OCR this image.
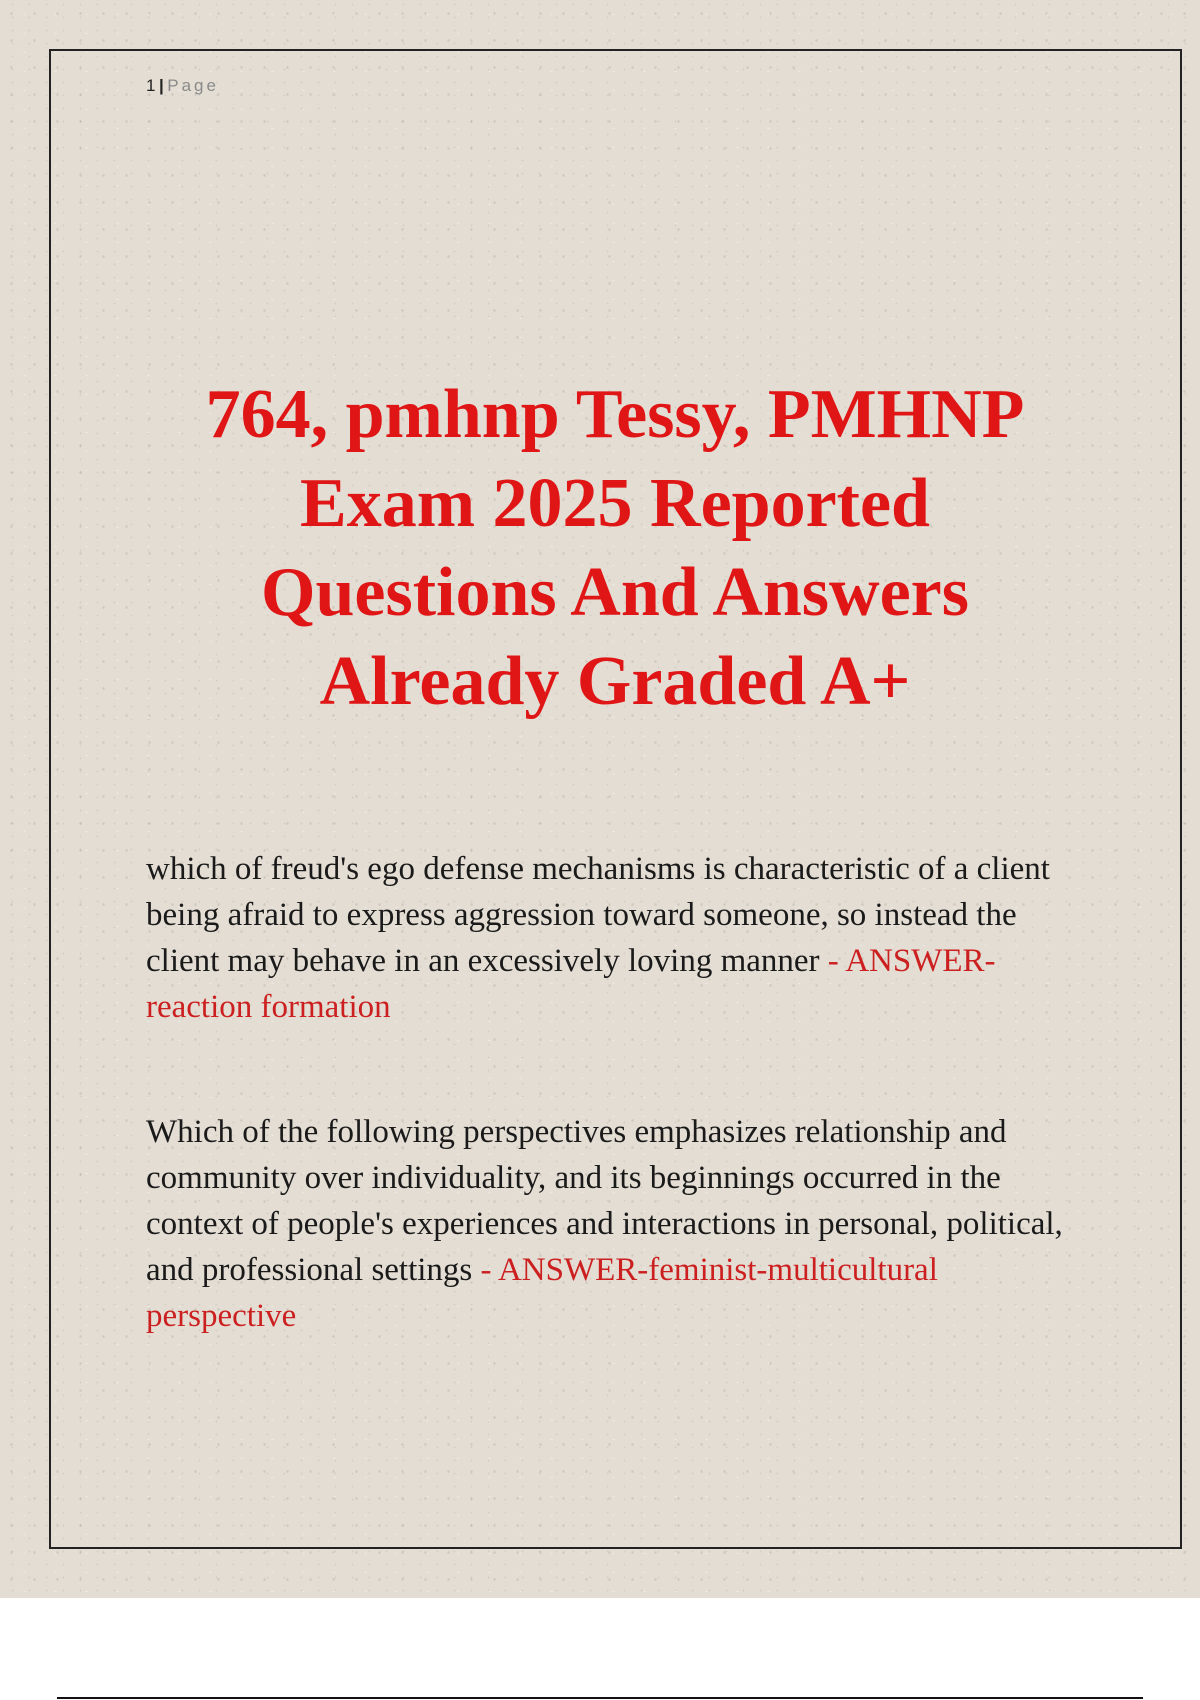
1 | Page
764, pmhnp Tessy, PMHNP Exam 2025 Reported Questions And Answers Already Graded A+
which of freud's ego defense mechanisms is characteristic of a client being afraid to express aggression toward someone, so instead the client may behave in an excessively loving manner - ANSWER-reaction formation
Which of the following perspectives emphasizes relationship and community over individuality, and its beginnings occurred in the context of people's experiences and interactions in personal, political, and professional settings - ANSWER-feminist-multicultural perspective
